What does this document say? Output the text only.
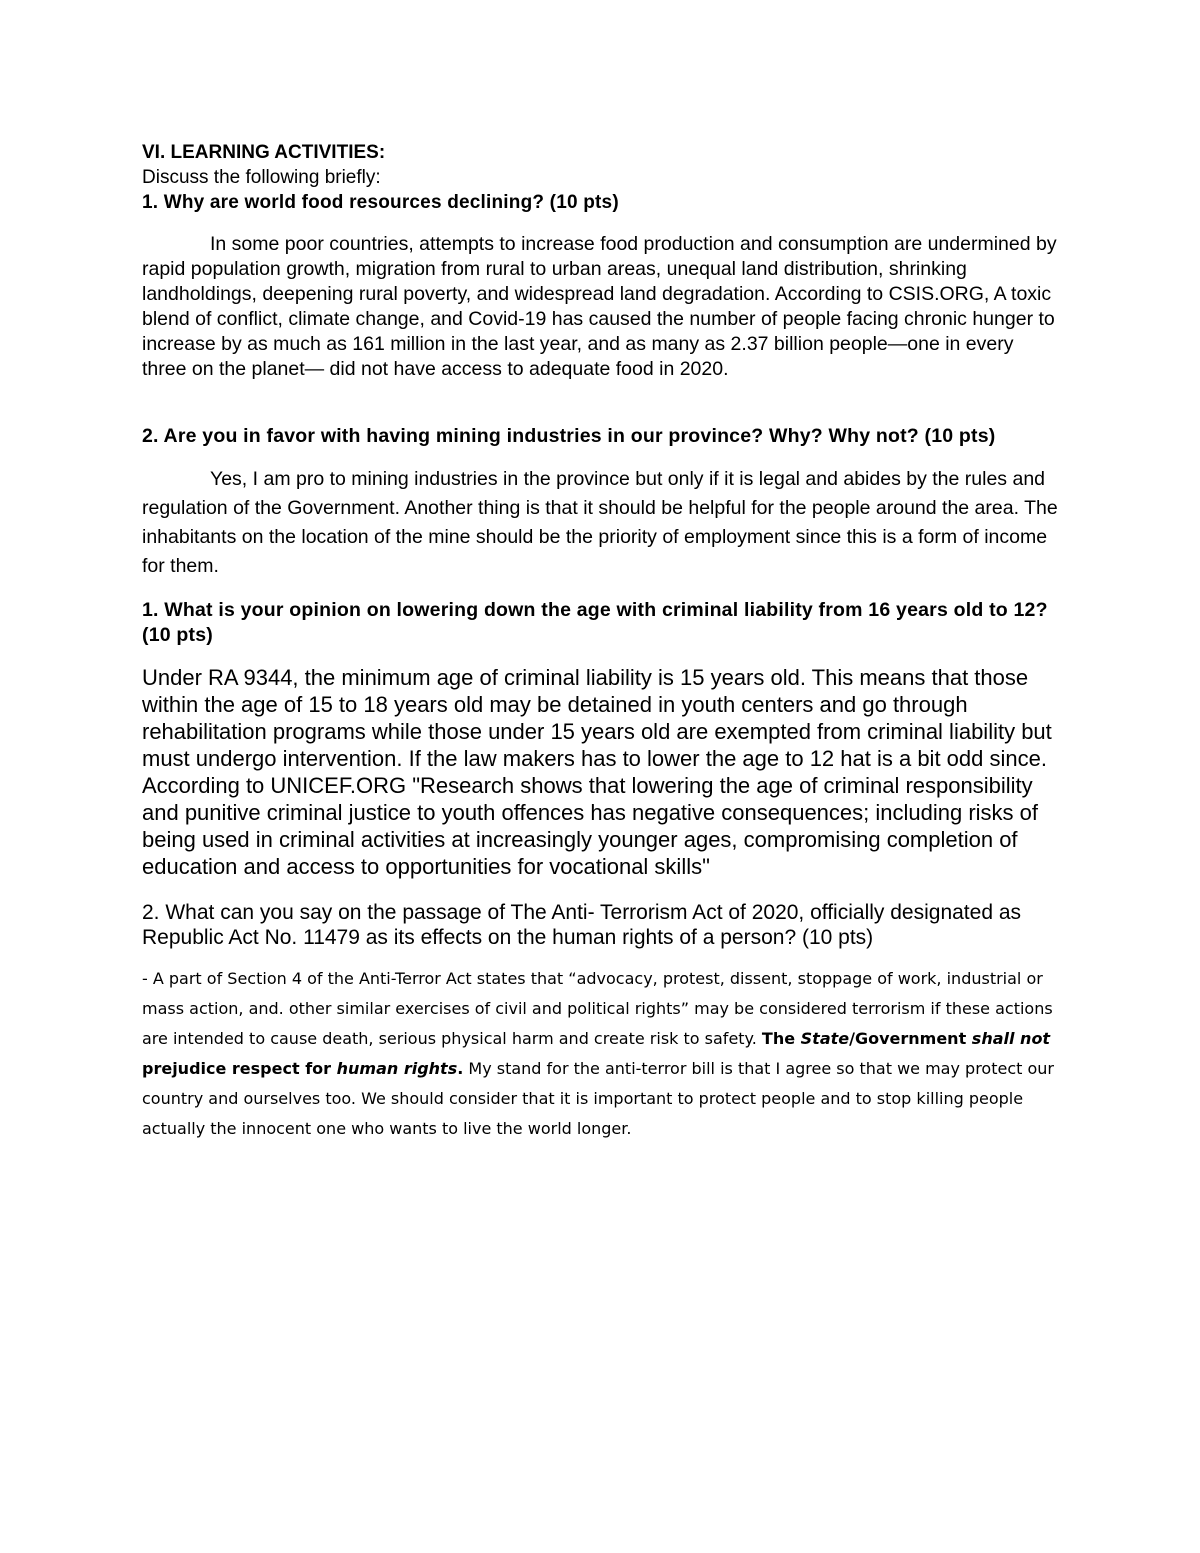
VI. LEARNING ACTIVITIES:

Discuss the following briefly:

1. Why are world food resources declining? (10 pts)

In some poor countries, attempts to increase food production and consumption are undermined by rapid population growth, migration from rural to urban areas, unequal land distribution, shrinking landholdings, deepening rural poverty, and widespread land degradation. According to CSIS.ORG, A toxic blend of conflict, climate change, and Covid-19 has caused the number of people facing chronic hunger to increase by as much as 161 million in the last year, and as many as 2.37 billion people—one in every three on the planet— did not have access to adequate food in 2020.

2. Are you in favor with having mining industries in our province? Why? Why not? (10 pts)

Yes, I am pro to mining industries in the province but only if it is legal and abides by the rules and regulation of the Government. Another thing is that it should be helpful for the people around the area. The inhabitants on the location of the mine should be the priority of employment since this is a form of income for them.

1. What is your opinion on lowering down the age with criminal liability from 16 years old to 12? (10 pts)

Under RA 9344, the minimum age of criminal liability is 15 years old. This means that those within the age of 15 to 18 years old may be detained in youth centers and go through rehabilitation programs while those under 15 years old are exempted from criminal liability but must undergo intervention. If the law makers has to lower the age to 12 hat is a bit odd since. According to UNICEF.ORG "Research shows that lowering the age of criminal responsibility and punitive criminal justice to youth offences has negative consequences; including risks of being used in criminal activities at increasingly younger ages, compromising completion of education and access to opportunities for vocational skills"

2. What can you say on the passage of The Anti- Terrorism Act of 2020, officially designated as Republic Act No. 11479 as its effects on the human rights of a person? (10 pts)

- A part of Section 4 of the Anti-Terror Act states that “advocacy, protest, dissent, stoppage of work, industrial or mass action, and. other similar exercises of civil and political rights” may be considered terrorism if these actions are intended to cause death, serious physical harm and create risk to safety. The State/Government shall not prejudice respect for human rights. My stand for the anti-terror bill is that I agree so that we may protect our country and ourselves too. We should consider that it is important to protect people and to stop killing people actually the innocent one who wants to live the world longer.
